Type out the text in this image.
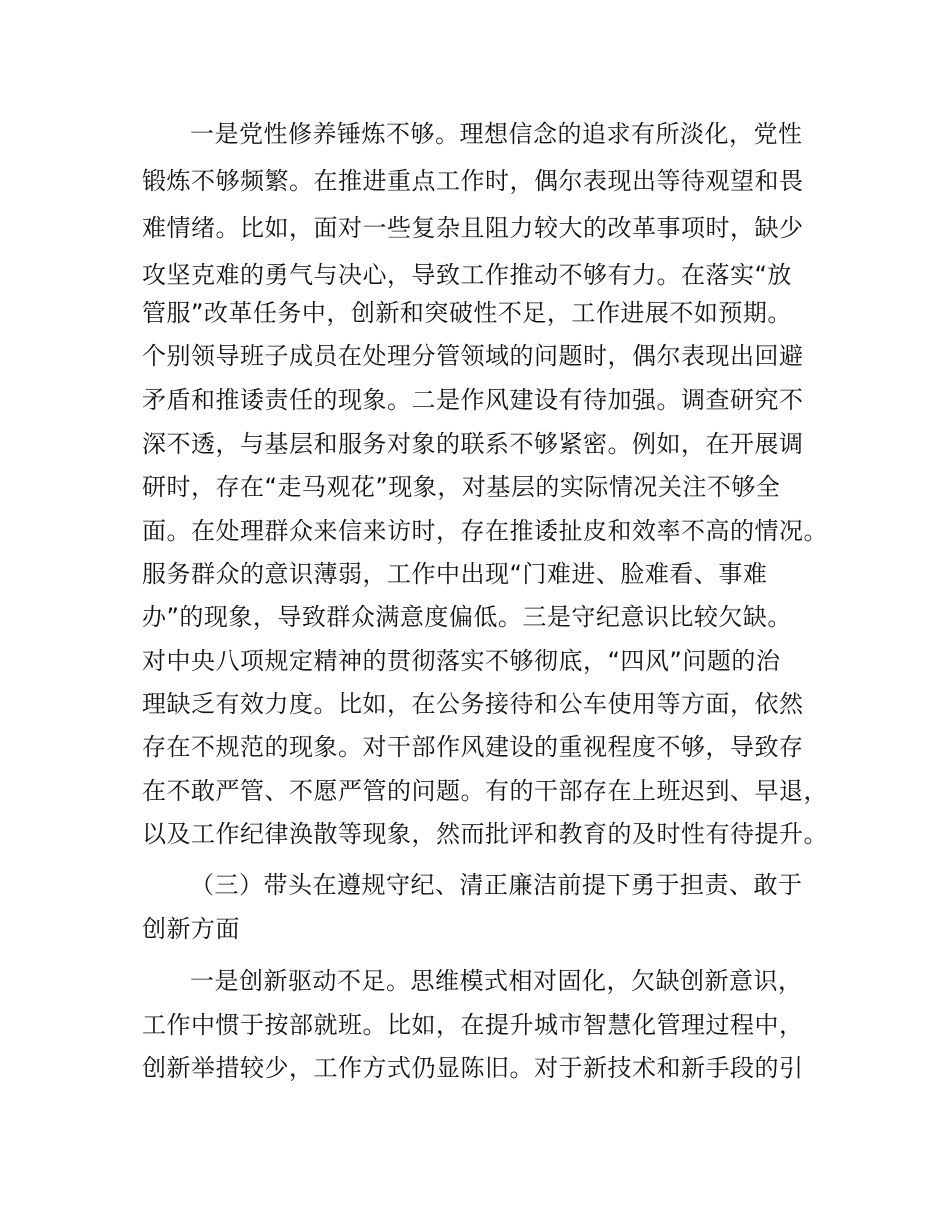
一是党性修养锤炼不够。理想信念的追求有所淡化，党性
锻炼不够频繁。在推进重点工作时，偶尔表现出等待观望和畏
难情绪。比如，面对一些复杂且阻力较大的改革事项时，缺少
攻坚克难的勇气与决心，导致工作推动不够有力。在落实“放
管服”改革任务中，创新和突破性不足，工作进展不如预期。
个别领导班子成员在处理分管领域的问题时，偶尔表现出回避
矛盾和推诿责任的现象。二是作风建设有待加强。调查研究不
深不透，与基层和服务对象的联系不够紧密。例如，在开展调
研时，存在“走马观花”现象，对基层的实际情况关注不够全
面。在处理群众来信来访时，存在推诿扯皮和效率不高的情况。
服务群众的意识薄弱，工作中出现“门难进、脸难看、事难
办”的现象，导致群众满意度偏低。三是守纪意识比较欠缺。
对中央八项规定精神的贯彻落实不够彻底，“四风”问题的治
理缺乏有效力度。比如，在公务接待和公车使用等方面，依然
存在不规范的现象。对干部作风建设的重视程度不够，导致存
在不敢严管、不愿严管的问题。有的干部存在上班迟到、早退，
以及工作纪律涣散等现象，然而批评和教育的及时性有待提升。
（三）带头在遵规守纪、清正廉洁前提下勇于担责、敢于
创新方面
一是创新驱动不足。思维模式相对固化，欠缺创新意识，
工作中惯于按部就班。比如，在提升城市智慧化管理过程中，
创新举措较少，工作方式仍显陈旧。对于新技术和新手段的引
